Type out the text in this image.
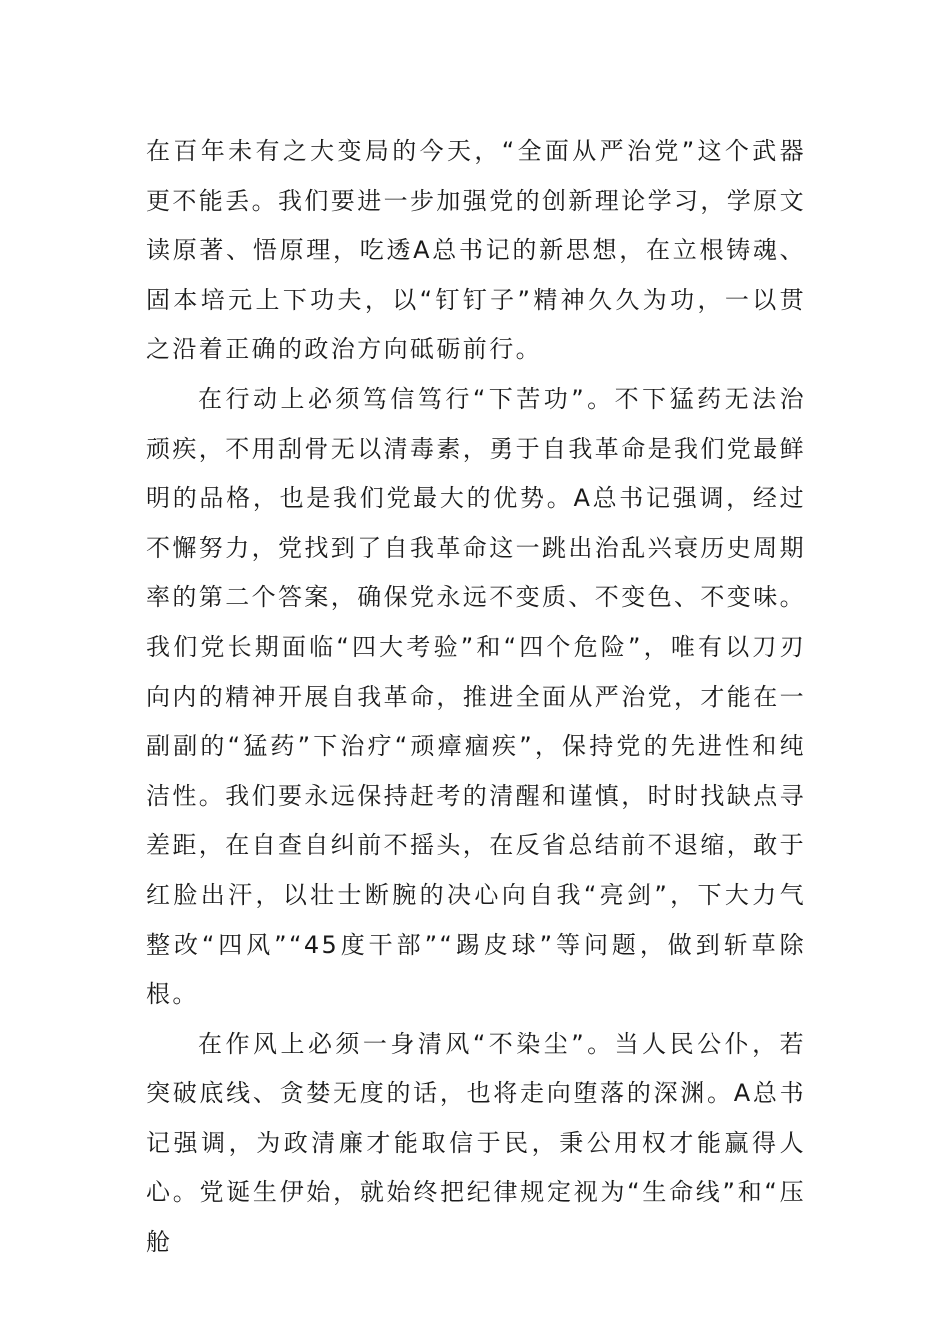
在百年未有之大变局的今天，“全面从严治党”这个武器更不能丢。我们要进一步加强党的创新理论学习，学原文读原著、悟原理，吃透A总书记的新思想，在立根铸魂、固本培元上下功夫，以“钉钉子”精神久久为功，一以贯之沿着正确的政治方向砥砺前行。

在行动上必须笃信笃行“下苦功”。不下猛药无法治顽疾，不用刮骨无以清毒素，勇于自我革命是我们党最鲜明的品格，也是我们党最大的优势。A总书记强调，经过不懈努力，党找到了自我革命这一跳出治乱兴衰历史周期率的第二个答案，确保党永远不变质、不变色、不变味。我们党长期面临“四大考验”和“四个危险”，唯有以刀刃向内的精神开展自我革命，推进全面从严治党，才能在一副副的“猛药”下治疗“顽瘴痼疾”，保持党的先进性和纯洁性。我们要永远保持赶考的清醒和谨慎，时时找缺点寻差距，在自查自纠前不摇头，在反省总结前不退缩，敢于红脸出汗，以壮士断腕的决心向自我“亮剑”，下大力气整改“四风”“45度干部”“踢皮球”等问题，做到斩草除根。

在作风上必须一身清风“不染尘”。当人民公仆，若突破底线、贪婪无度的话，也将走向堕落的深渊。A总书记强调，为政清廉才能取信于民，秉公用权才能赢得人心。党诞生伊始，就始终把纪律规定视为“生命线”和“压舱
